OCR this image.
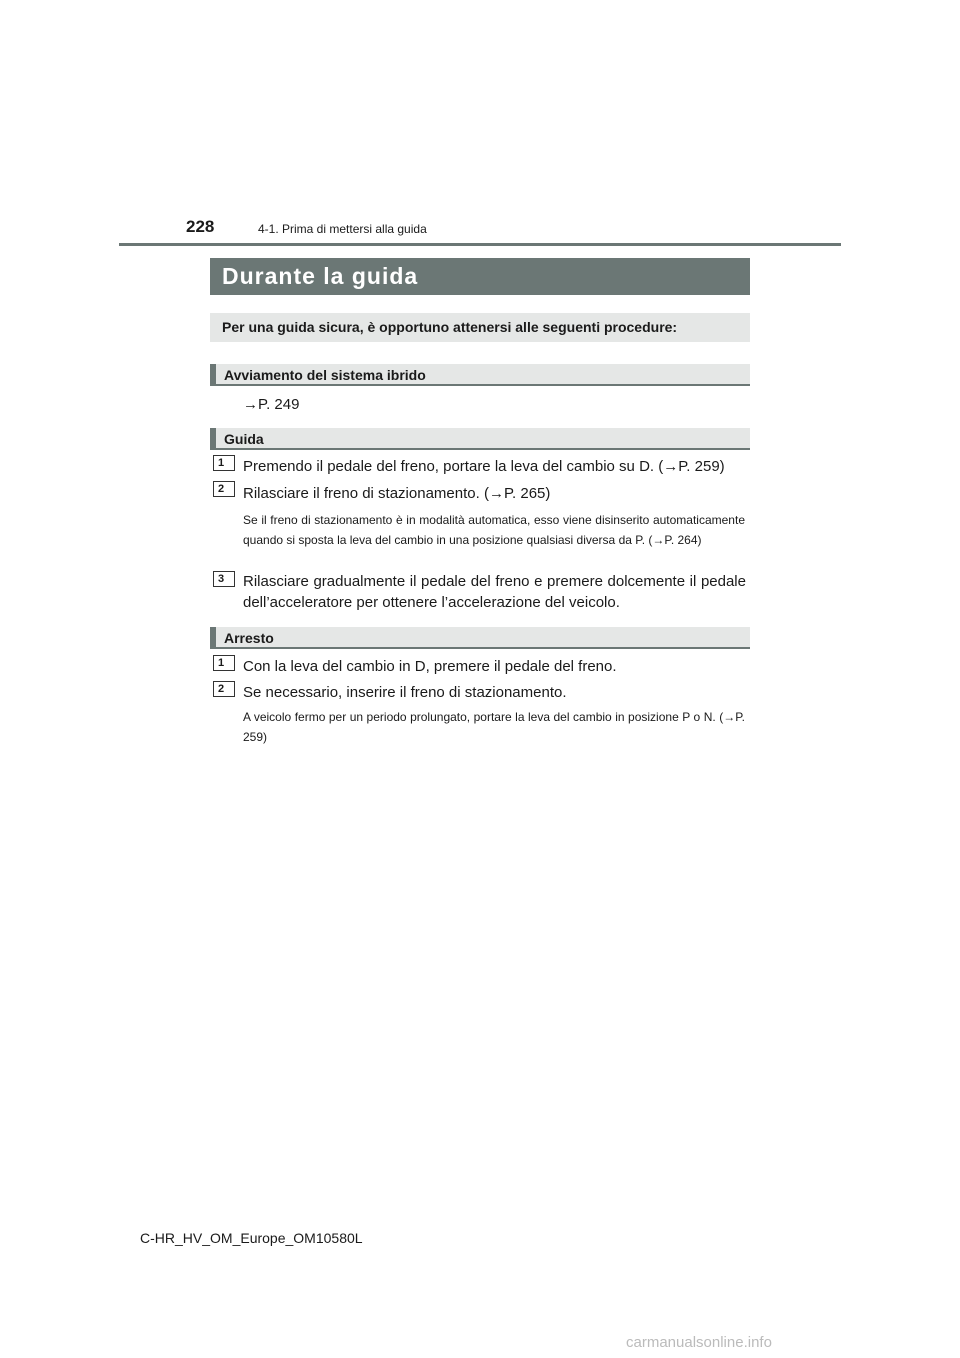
228	4-1. Prima di mettersi alla guida
Durante la guida
Per una guida sicura, è opportuno attenersi alle seguenti procedure:
Avviamento del sistema ibrido
→P. 249
Guida
1	Premendo il pedale del freno, portare la leva del cambio su D. (→P. 259)
2	Rilasciare il freno di stazionamento. (→P. 265)
Se il freno di stazionamento è in modalità automatica, esso viene disinserito automaticamente quando si sposta la leva del cambio in una posizione qualsiasi diversa da P. (→P. 264)
3	Rilasciare gradualmente il pedale del freno e premere dolcemente il pedale dell’acceleratore per ottenere l’accelerazione del veicolo.
Arresto
1	Con la leva del cambio in D, premere il pedale del freno.
2	Se necessario, inserire il freno di stazionamento.
A veicolo fermo per un periodo prolungato, portare la leva del cambio in posizione P o N. (→P. 259)
C-HR_HV_OM_Europe_OM10580L
carmanualsonline.info
